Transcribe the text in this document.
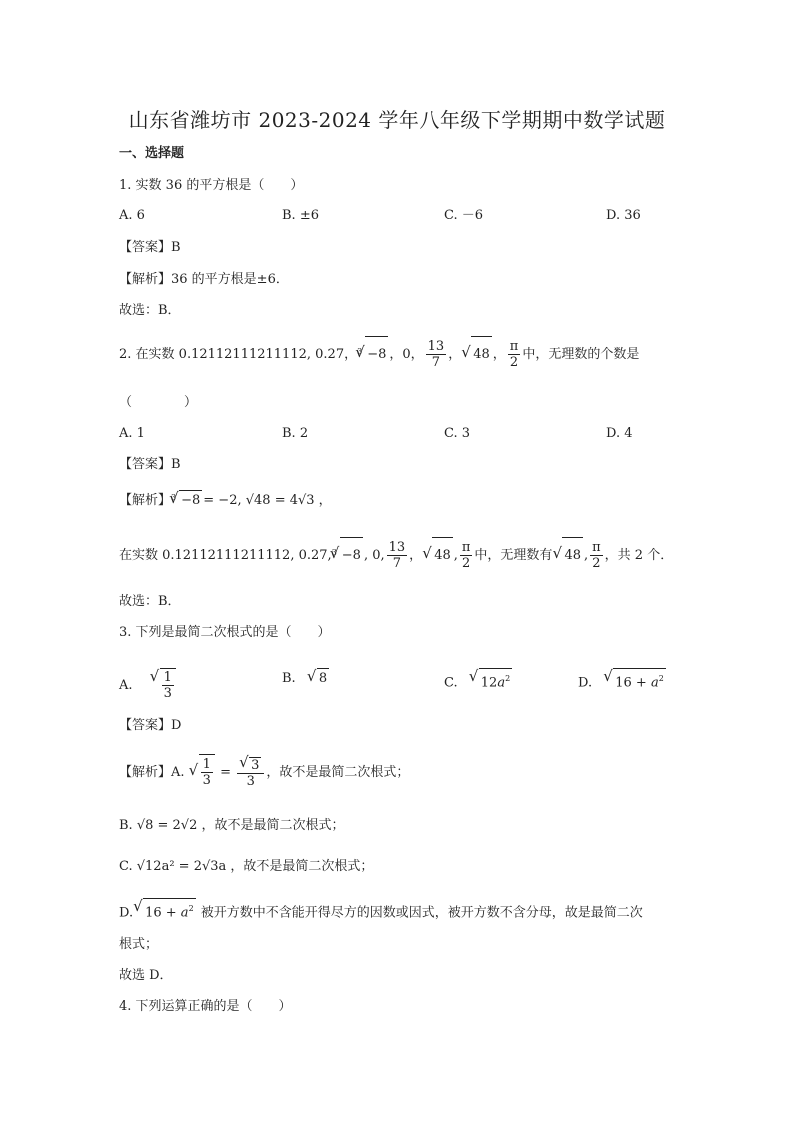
山东省潍坊市 2023-2024 学年八年级下学期期中数学试题
一、选择题
1. 实数 36 的平方根是（　　）
A. 6	B. ±6	C. －6	D. 36
【答案】B
【解析】36 的平方根是±6．
故选：B．
2. 在实数 0.12112111211112, 0.27，$^3$ √ −8 ，0， $\frac{13}{7}$ ， √ 48 ， $\frac{\pi}{2}$ 中，无理数的个数是
（　　　　）
A. 1	B. 2	C. 3	D. 4
【答案】B
【解析】$^3$ √ −8 = −2, √48 = 4√3 ，
在实数 0.12112111211112, 0.27,$^3$ √ −8 , 0, $\frac{13}{7}$ ， √ 48 , $\frac{\pi}{2}$ 中，无理数有 √ 48 , $\frac{\pi}{2}$ ，共 2 个．
故选：B．
3. 下列是最简二次根式的是（　　）
A. √ $\frac{1}{3}$	B. √ 8	C. √ $12a^2$	D. √ $16 + a^2$
【答案】D
【解析】A. √ $\frac{1}{3}$ = √ $\frac{3}{3}$ ，故不是最简二次根式；
B. √8 = 2√2 ，故不是最简二次根式；
C. √12a² = 2√3a ，故不是最简二次根式；
D. √ $16 + a^2$ 被开方数中不含能开得尽方的因数或因式，被开方数不含分母，故是最简二次
根式；
故选 D．
4. 下列运算正确的是（　　）
